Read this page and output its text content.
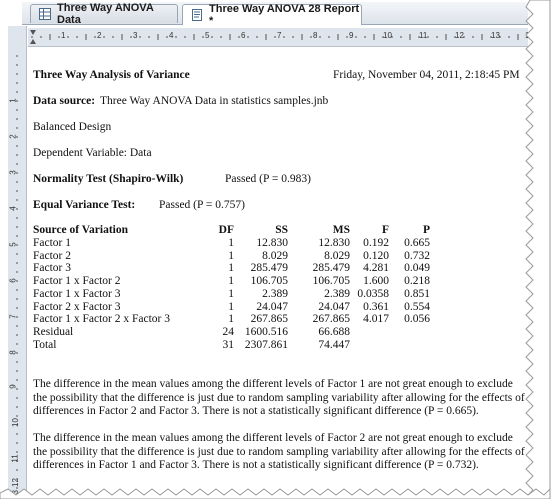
Three Way ANOVA Data
Three Way ANOVA 28 Report *
1	2	3	4	5	6	7	8	9	10	11	12	13
1
2
3
4
5
6
7
8
9
10
11
12
Three Way Analysis of Variance	Friday, November 04, 2011, 2:18:45 PM
Data source: Three Way ANOVA Data in statistics samples.jnb
Balanced Design
Dependent Variable: Data
Normality Test (Shapiro-Wilk)	Passed (P = 0.983)
Equal Variance Test: Passed (P = 0.757)
Source of Variation	DF	SS	MS	F	P
Factor 1	1 12.830	12.830 0.192 0.665
Factor 2	1 8.029	8.029 0.120 0.732
Factor 3	1 285.479 285.479 4.281 0.049
Factor 1 x Factor 2	1 106.705 106.705 1.600 0.218
Factor 1 x Factor 3	1 2.389	2.389 0.0358 0.851
Factor 2 x Factor 3	1 24.047	24.047 0.361 0.554
Factor 1 x Factor 2 x Factor 3	1 267.865 267.865 4.017 0.056
Residual	24 1600.516	66.688
Total	31 2307.861	74.447
The difference in the mean values among the different levels of Factor 1 are not great enough to exclude
the possibility that the difference is just due to random sampling variability after allowing for the effects of
differences in Factor 2 and Factor 3. There is not a statistically significant difference (P = 0.665).
The difference in the mean values among the different levels of Factor 2 are not great enough to exclude
the possibility that the difference is just due to random sampling variability after allowing for the effects of
differences in Factor 1 and Factor 3. There is not a statistically significant difference (P = 0.732).
